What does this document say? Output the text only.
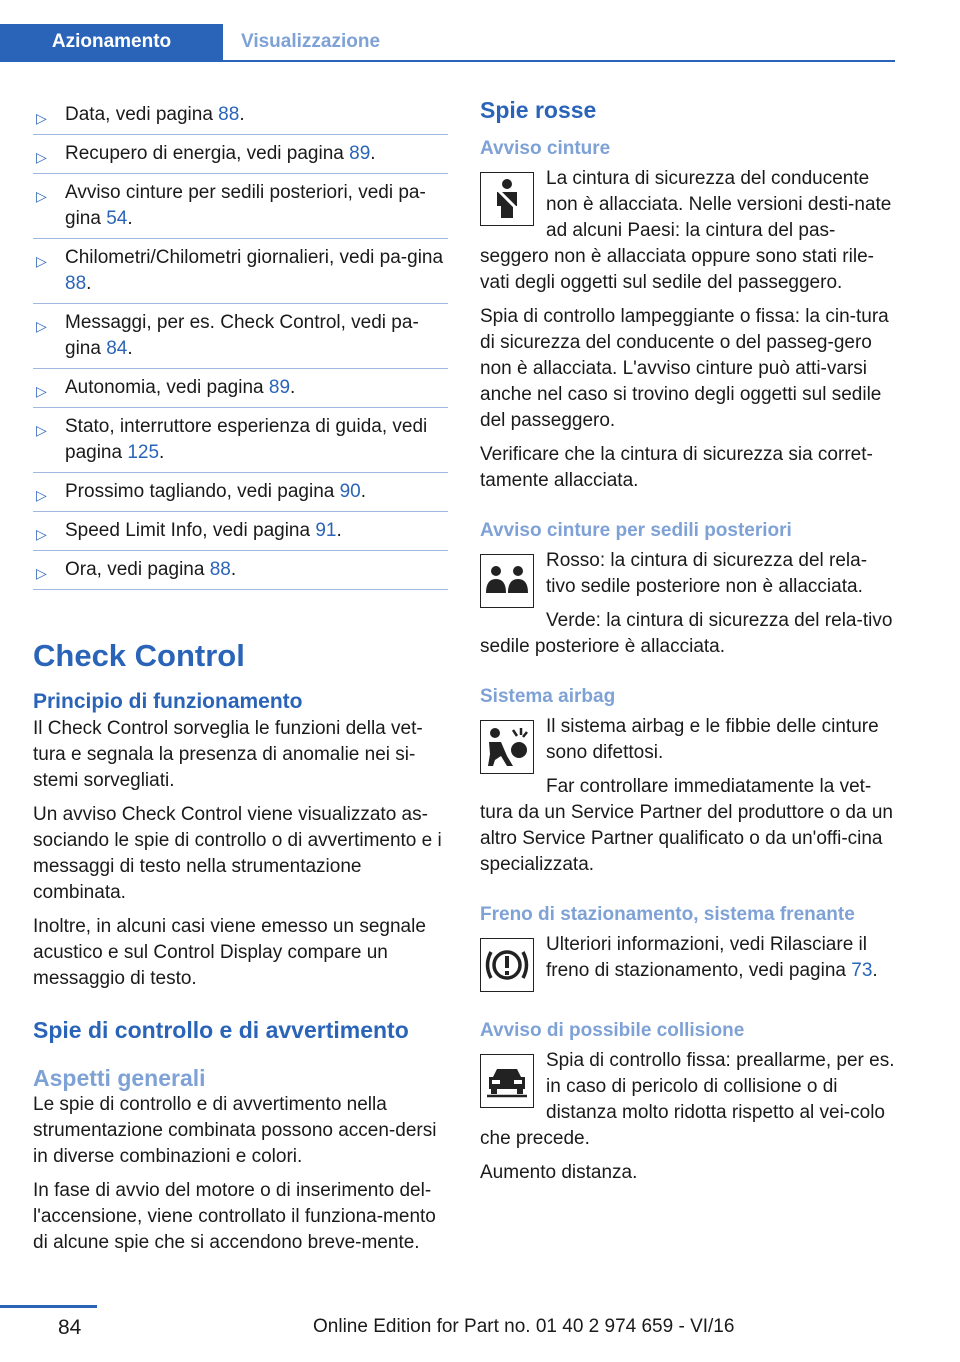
Azionamento	Visualizzazione
▷ Data, vedi pagina 88.
▷ Recupero di energia, vedi pagina 89.
▷ Avviso cinture per sedili posteriori, vedi pa-gina 54.
▷ Chilometri/Chilometri giornalieri, vedi pa-gina 88.
▷ Messaggi, per es. Check Control, vedi pa-gina 84.
▷ Autonomia, vedi pagina 89.
▷ Stato, interruttore esperienza di guida, vedi pagina 125.
▷ Prossimo tagliando, vedi pagina 90.
▷ Speed Limit Info, vedi pagina 91.
▷ Ora, vedi pagina 88.
Check Control
Principio di funzionamento

Il Check Control sorveglia le funzioni della vet-tura e segnala la presenza di anomalie nei si-stemi sorvegliati.

Un avviso Check Control viene visualizzato as-sociando le spie di controllo o di avvertimento e i messaggi di testo nella strumentazione combinata.

Inoltre, in alcuni casi viene emesso un segnale acustico e sul Control Display compare un messaggio di testo.

Spie di controllo e di avvertimento
Aspetti generali

Le spie di controllo e di avvertimento nella strumentazione combinata possono accen-dersi in diverse combinazioni e colori.

In fase di avvio del motore o di inserimento del-l'accensione, viene controllato il funziona-mento di alcune spie che si accendono breve-mente.

Spie rosse
Avviso cinture

La cintura di sicurezza del conducente non è allacciata. Nelle versioni desti-nate ad alcuni Paesi: la cintura del pas-seggero non è allacciata oppure sono stati rile-vati degli oggetti sul sedile del passeggero.

Spia di controllo lampeggiante o fissa: la cin-tura di sicurezza del conducente o del passeg-gero non è allacciata. L'avviso cinture può atti-varsi anche nel caso si trovino degli oggetti sul sedile del passeggero.

Verificare che la cintura di sicurezza sia corret-tamente allacciata.

Avviso cinture per sedili posteriori

Rosso: la cintura di sicurezza del rela-tivo sedile posteriore non è allacciata.

Verde: la cintura di sicurezza del rela-tivo sedile posteriore è allacciata.

Sistema airbag

Il sistema airbag e le fibbie delle cinture sono difettosi.

Far controllare immediatamente la vet-tura da un Service Partner del produttore o da un altro Service Partner qualificato o da un'offi-cina specializzata.

Freno di stazionamento, sistema frenante

Ulteriori informazioni, vedi Rilasciare il freno di stazionamento, vedi pagina 73.

Avviso di possibile collisione

Spia di controllo fissa: preallarme, per es. in caso di pericolo di collisione o di distanza molto ridotta rispetto al vei-colo che precede.

Aumento distanza.

84	Online Edition for Part no. 01 40 2 974 659 - VI/16
